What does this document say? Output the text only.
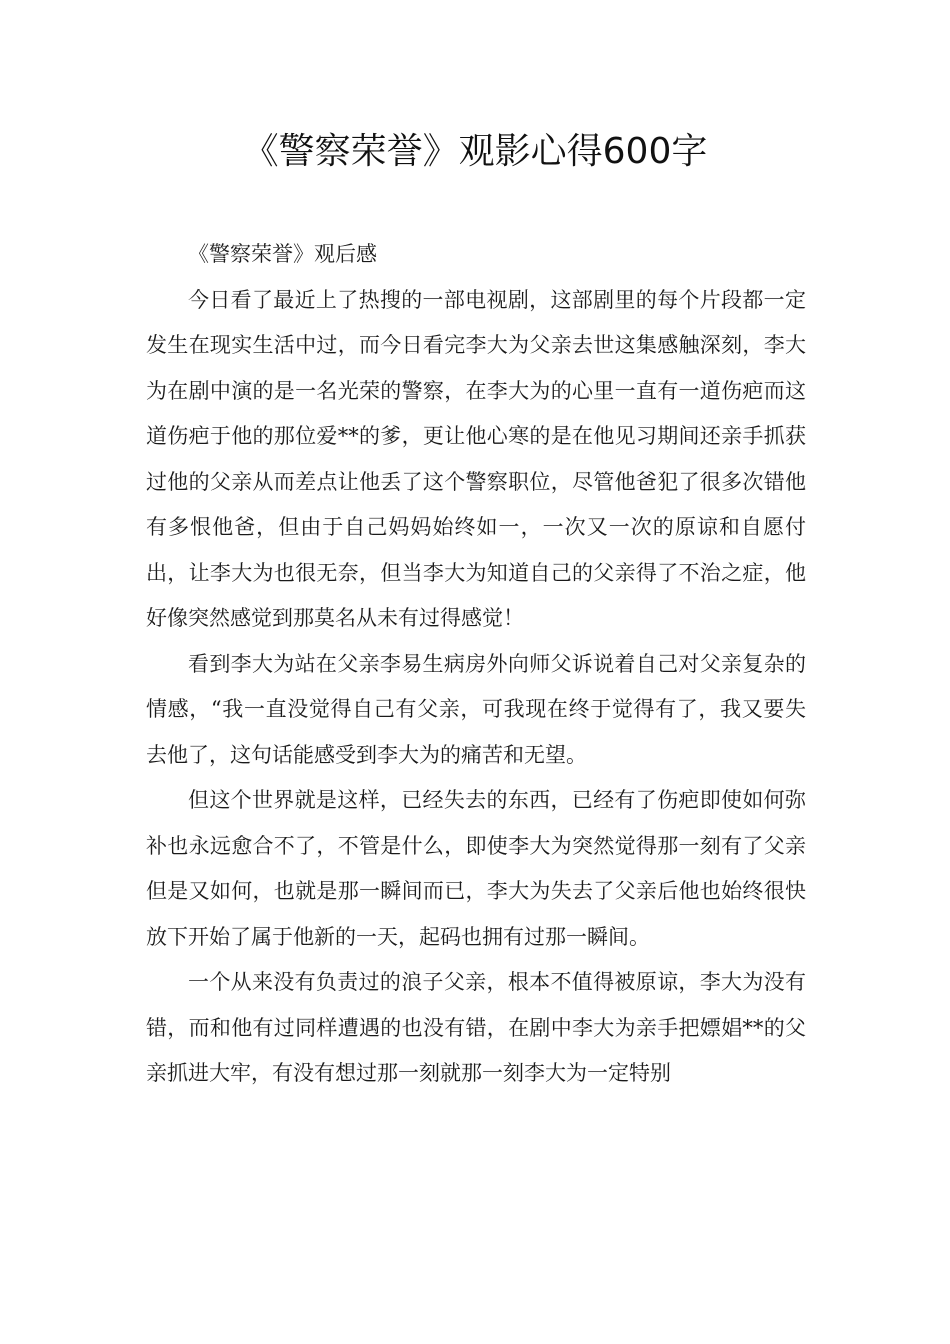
《警察荣誉》观影心得600字

《警察荣誉》观后感

今日看了最近上了热搜的一部电视剧，这部剧里的每个片段都一定发生在现实生活中过，而今日看完李大为父亲去世这集感触深刻，李大为在剧中演的是一名光荣的警察，在李大为的心里一直有一道伤疤而这道伤疤于他的那位爱**的爹，更让他心寒的是在他见习期间还亲手抓获过他的父亲从而差点让他丢了这个警察职位，尽管他爸犯了很多次错他有多恨他爸，但由于自己妈妈始终如一，一次又一次的原谅和自愿付出，让李大为也很无奈，但当李大为知道自己的父亲得了不治之症，他好像突然感觉到那莫名从未有过得感觉！

看到李大为站在父亲李易生病房外向师父诉说着自己对父亲复杂的情感，“我一直没觉得自己有父亲，可我现在终于觉得有了，我又要失去他了，这句话能感受到李大为的痛苦和无望。

但这个世界就是这样，已经失去的东西，已经有了伤疤即使如何弥补也永远愈合不了，不管是什么，即使李大为突然觉得那一刻有了父亲但是又如何，也就是那一瞬间而已，李大为失去了父亲后他也始终很快放下开始了属于他新的一天，起码也拥有过那一瞬间。

一个从来没有负责过的浪子父亲，根本不值得被原谅，李大为没有错，而和他有过同样遭遇的也没有错，在剧中李大为亲手把嫖娼**的父亲抓进大牢，有没有想过那一刻就那一刻李大为一定特别
